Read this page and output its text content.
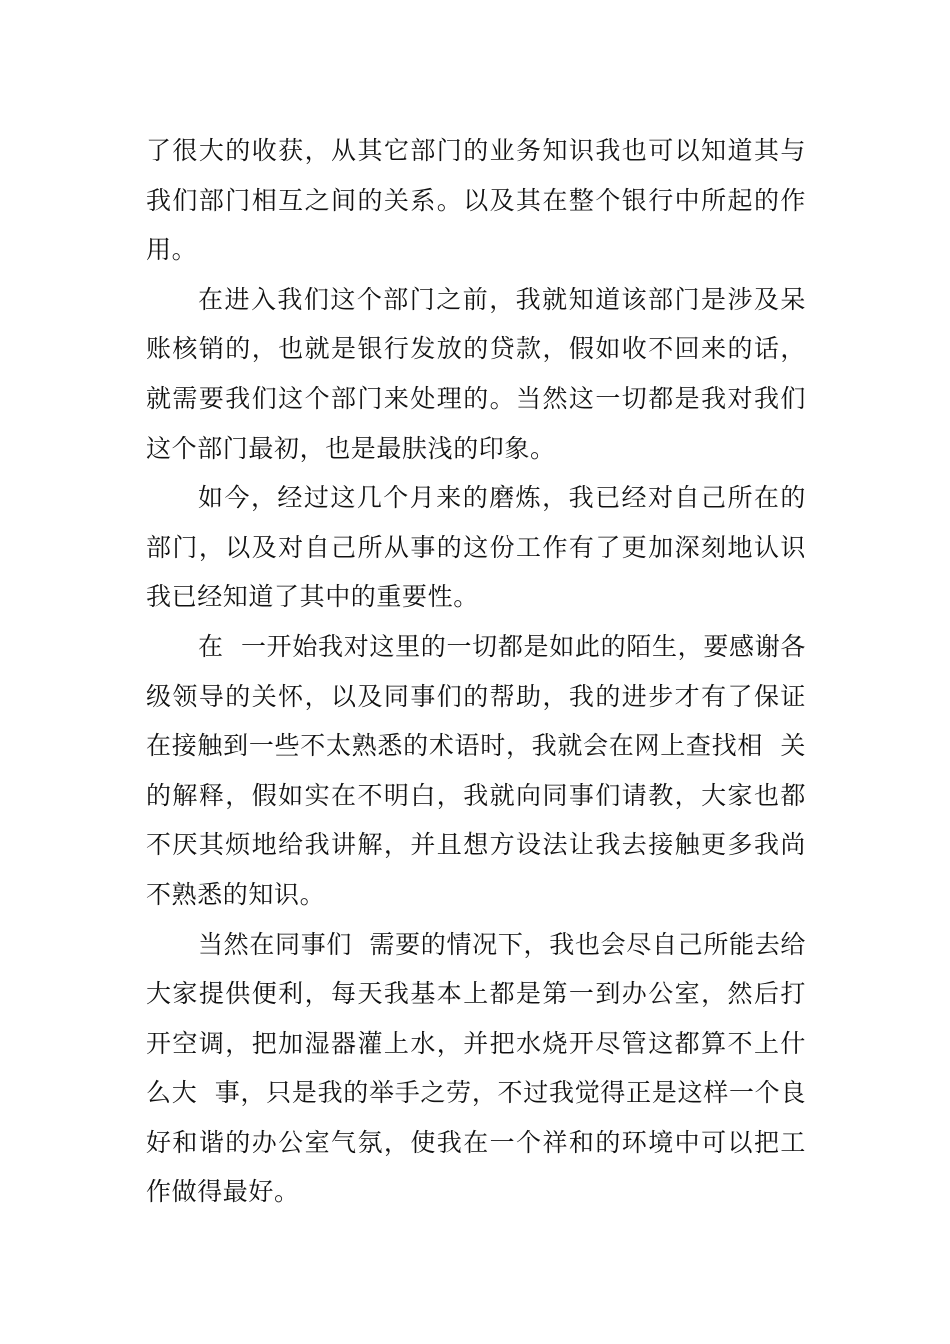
了很大的收获，从其它部门的业务知识我也可以知道其与
我们部门相互之间的关系。以及其在整个银行中所起的作
用。
在进入我们这个部门之前，我就知道该部门是涉及呆
账核销的，也就是银行发放的贷款，假如收不回来的话，
就需要我们这个部门来处理的。当然这一切都是我对我们
这个部门最初，也是最肤浅的印象。
如今，经过这几个月来的磨炼，我已经对自己所在的
部门，以及对自己所从事的这份工作有了更加深刻地认识
我已经知道了其中的重要性。
在  一开始我对这里的一切都是如此的陌生，要感谢各
级领导的关怀，以及同事们的帮助，我的进步才有了保证
在接触到一些不太熟悉的术语时，我就会在网上查找相  关
的解释，假如实在不明白，我就向同事们请教，大家也都
不厌其烦地给我讲解，并且想方设法让我去接触更多我尚
不熟悉的知识。
当然在同事们  需要的情况下，我也会尽自己所能去给
大家提供便利，每天我基本上都是第一到办公室，然后打
开空调，把加湿器灌上水，并把水烧开尽管这都算不上什
么大  事，只是我的举手之劳，不过我觉得正是这样一个良
好和谐的办公室气氛，使我在一个祥和的环境中可以把工
作做得最好。
